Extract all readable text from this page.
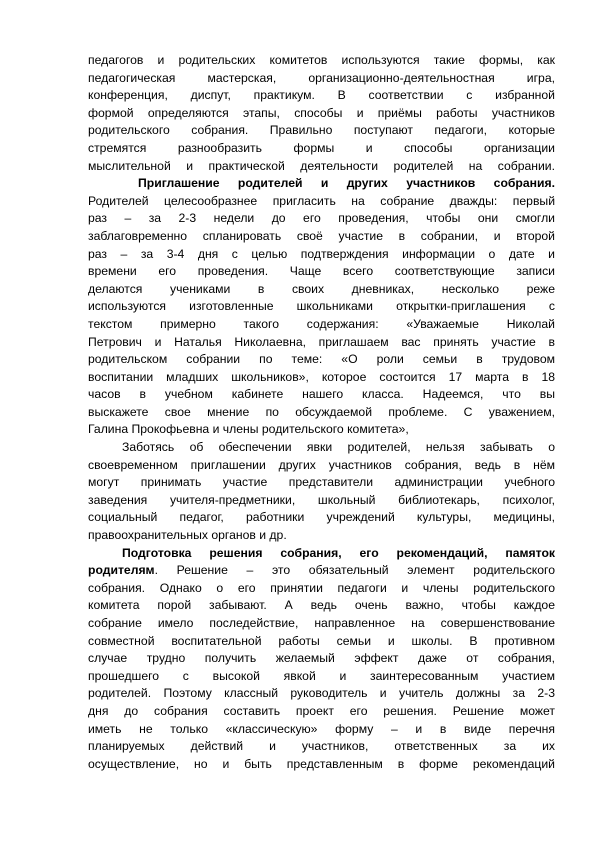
педагогов и родительских комитетов используются такие формы, как
педагогическая мастерская, организационно-деятельностная игра,
конференция, диспут, практикум. В соответствии с избранной
формой определяются этапы, способы и приёмы работы участников
родительского собрания. Правильно поступают педагоги, которые
стремятся разнообразить формы и способы организации
мыслительной и практической деятельности родителей на собрании.
Приглашение родителей и других участников собрания.
Родителей целесообразнее пригласить на собрание дважды: первый
раз – за 2-3 недели до его проведения, чтобы они смогли
заблаговременно спланировать своё участие в собрании, и второй
раз – за 3-4 дня с целью подтверждения информации о дате и
времени его проведения. Чаще всего соответствующие записи
делаются учениками в своих дневниках, несколько реже
используются изготовленные школьниками открытки-приглашения с
текстом примерно такого содержания: «Уважаемые Николай
Петрович и Наталья Николаевна, приглашаем вас принять участие в
родительском собрании по теме: «О роли семьи в трудовом
воспитании младших школьников», которое состоится 17 марта в 18
часов в учебном кабинете нашего класса. Надеемся, что вы
выскажете свое мнение по обсуждаемой проблеме. С уважением,
Галина Прокофьевна и члены родительского комитета»,
Заботясь об обеспечении явки родителей, нельзя забывать о
своевременном приглашении других участников собрания, ведь в нём
могут принимать участие представители администрации учебного
заведения учителя-предметники, школьный библиотекарь, психолог,
социальный педагог, работники учреждений культуры, медицины,
правоохранительных органов и др.
Подготовка решения собрания, его рекомендаций, памяток
родителям. Решение – это обязательный элемент родительского
собрания. Однако о его принятии педагоги и члены родительского
комитета порой забывают. А ведь очень важно, чтобы каждое
собрание имело последействие, направленное на совершенствование
совместной воспитательной работы семьи и школы. В противном
случае трудно получить желаемый эффект даже от собрания,
прошедшего с высокой явкой и заинтересованным участием
родителей. Поэтому классный руководитель и учитель должны за 2-3
дня до собрания составить проект его решения. Решение может
иметь не только «классическую» форму – и в виде перечня
планируемых действий и участников, ответственных за их
осуществление, но и быть представленным в форме рекомендаций
